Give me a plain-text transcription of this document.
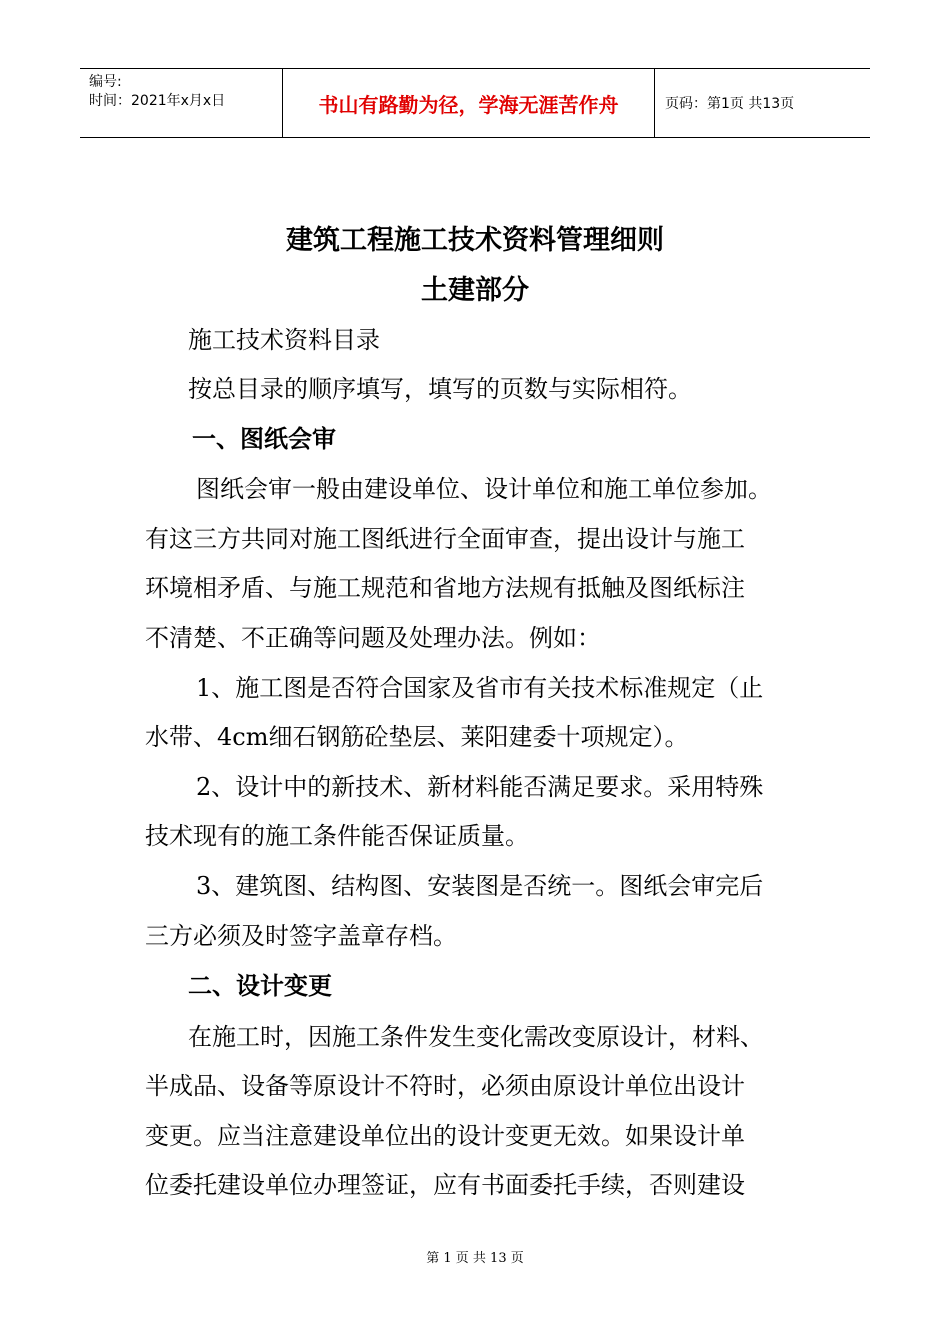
编号:
时间：2021年x月x日	书山有路勤为径，学海无涯苦作舟	页码：第1页 共13页
建筑工程施工技术资料管理细则
土建部分
施工技术资料目录
按总目录的顺序填写，填写的页数与实际相符。
一、图纸会审
图纸会审一般由建设单位、设计单位和施工单位参加。
有这三方共同对施工图纸进行全面审查，提出设计与施工
环境相矛盾、与施工规范和省地方法规有抵触及图纸标注
不清楚、不正确等问题及处理办法。例如：
1、施工图是否符合国家及省市有关技术标准规定（止
水带、4cm细石钢筋砼垫层、莱阳建委十项规定）。
2、设计中的新技术、新材料能否满足要求。采用特殊
技术现有的施工条件能否保证质量。
3、建筑图、结构图、安装图是否统一。图纸会审完后
三方必须及时签字盖章存档。
二、设计变更
在施工时，因施工条件发生变化需改变原设计，材料、
半成品、设备等原设计不符时，必须由原设计单位出设计
变更。应当注意建设单位出的设计变更无效。如果设计单
位委托建设单位办理签证，应有书面委托手续，否则建设
第 1 页 共 13 页
